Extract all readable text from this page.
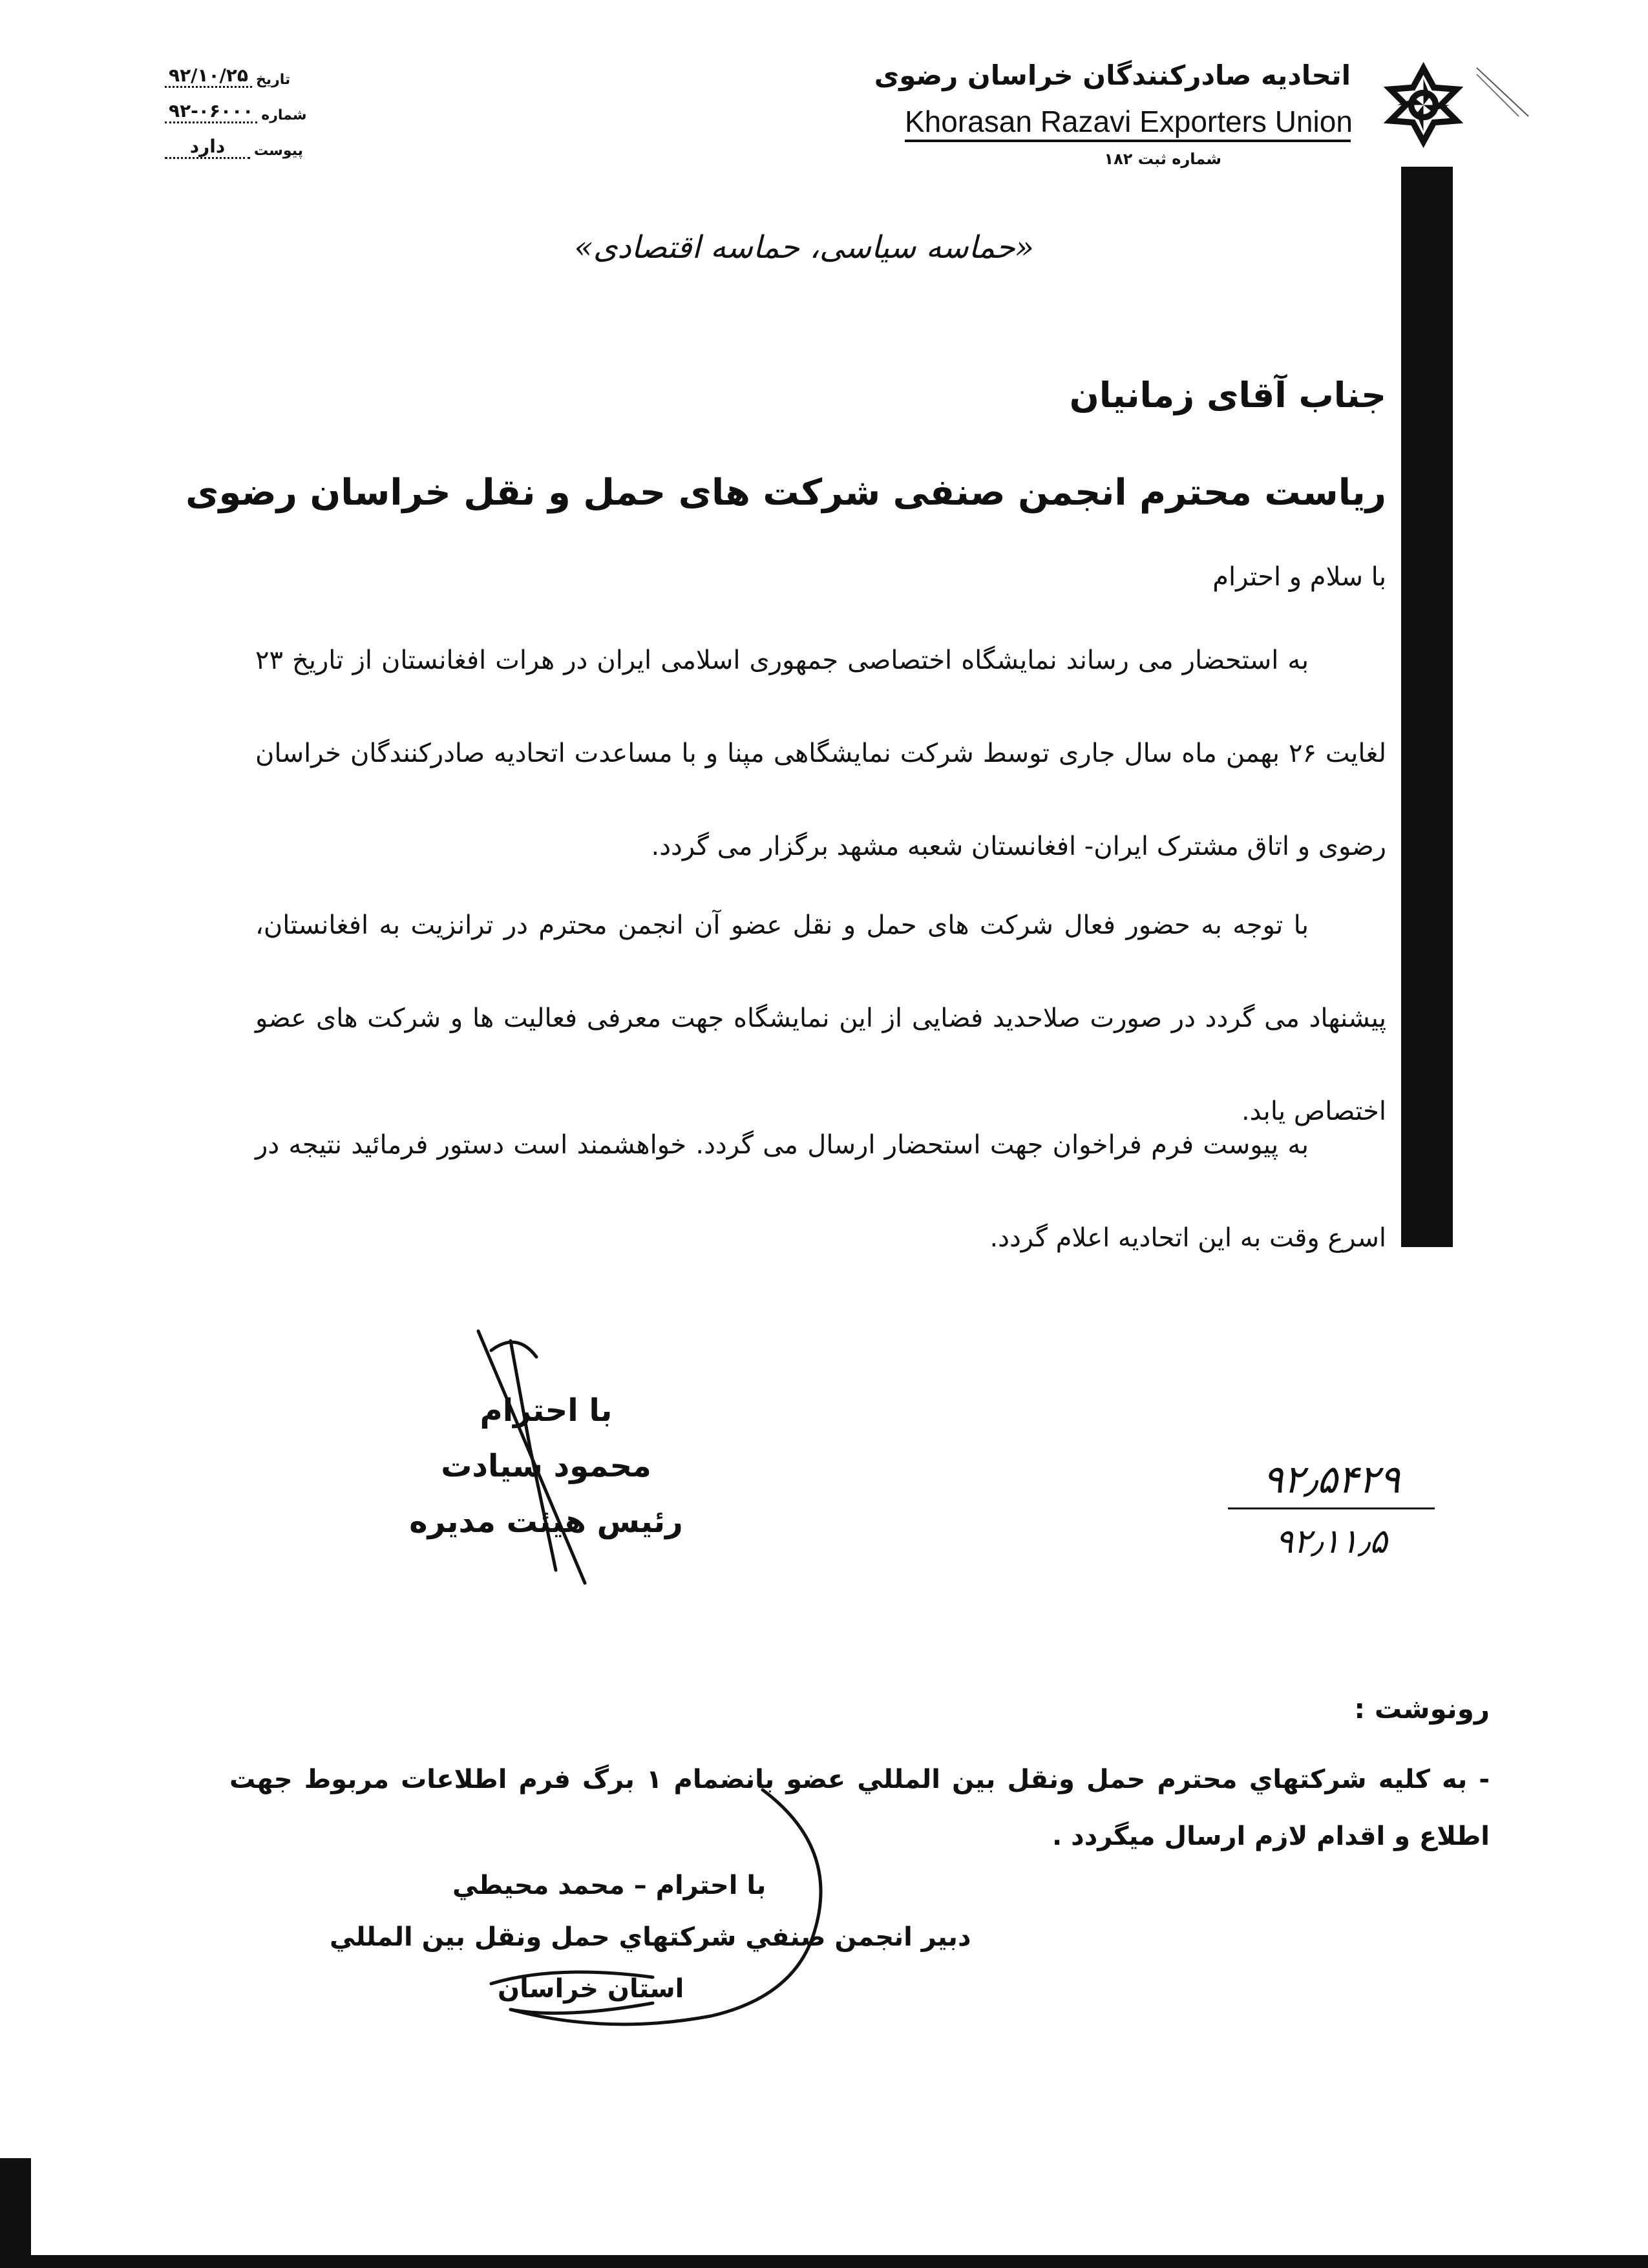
اتحادیه صادرکنندگان خراسان رضوی
Khorasan Razavi Exporters Union
شماره ثبت ۱۸۲
۹۲/۱۰/۲۵ تاریخ
۹۲-۰۶۰۰۰ شماره
دارد	پیوست
«حماسه سیاسی، حماسه اقتصادی»
جناب آقای زمانیان
ریاست محترم انجمن صنفی شرکت های حمل و نقل خراسان رضوی
با سلام و احترام
به استحضار می رساند نمایشگاه اختصاصی جمهوری اسلامی ایران در هرات افغانستان از تاریخ ۲۳ لغایت ۲۶ بهمن ماه سال جاری توسط شرکت نمایشگاهی مپنا و با مساعدت اتحادیه صادرکنندگان خراسان رضوی و اتاق مشترک ایران- افغانستان شعبه مشهد برگزار می گردد.
با توجه به حضور فعال شرکت های حمل و نقل عضو آن انجمن محترم در ترانزیت به افغانستان، پیشنهاد می گردد در صورت صلاحدید فضایی از این نمایشگاه جهت معرفی فعالیت ها و شرکت های عضو اختصاص یابد.
به پیوست فرم فراخوان جهت استحضار ارسال می گردد. خواهشمند است دستور فرمائید نتیجه در اسرع وقت به این اتحادیه اعلام گردد.
با احترام
محمود سیادت
رئیس هیئت مدیره
۹۲٫۵۴۲۹
۹۲٫۱۱٫۵
رونوشت :
- به کلیه شرکتهاي محترم حمل ونقل بین المللي عضو بانضمام ۱ برگ فرم اطلاعات مربوط جهت اطلاع و اقدام لازم ارسال میگردد .
با احترام – محمد محیطي
دبیر انجمن صنفي شرکتهاي حمل ونقل بین المللي
استان خراسان
